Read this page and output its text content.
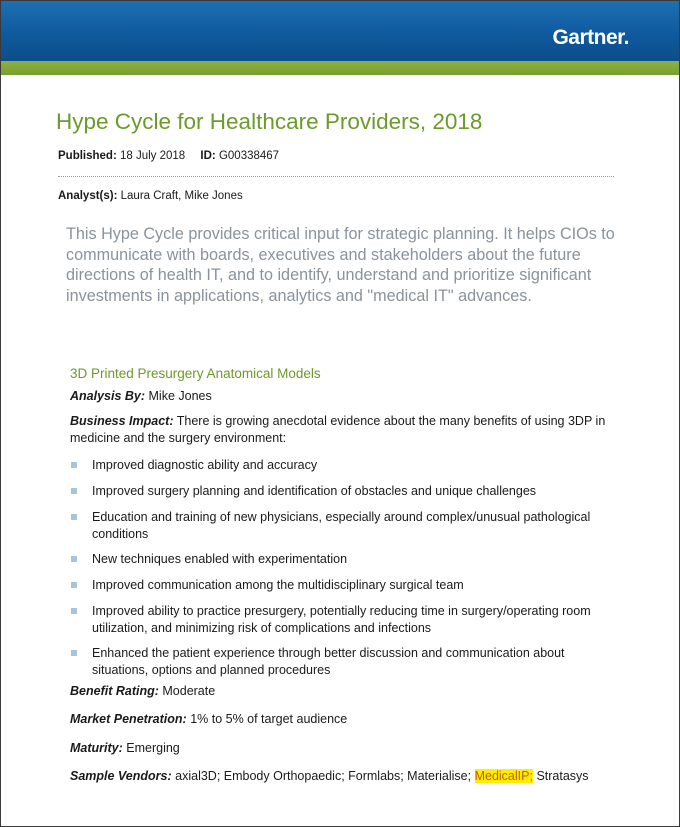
Gartner.
Hype Cycle for Healthcare Providers, 2018
Published: 18 July 2018 ID: G00338467
Analyst(s): Laura Craft, Mike Jones
This Hype Cycle provides critical input for strategic planning. It helps CIOs to communicate with boards, executives and stakeholders about the future directions of health IT, and to identify, understand and prioritize significant investments in applications, analytics and "medical IT" advances.
3D Printed Presurgery Anatomical Models
Analysis By: Mike Jones
Business Impact: There is growing anecdotal evidence about the many benefits of using 3DP in medicine and the surgery environment:
Improved diagnostic ability and accuracy
Improved surgery planning and identification of obstacles and unique challenges
Education and training of new physicians, especially around complex/unusual pathological conditions
New techniques enabled with experimentation
Improved communication among the multidisciplinary surgical team
Improved ability to practice presurgery, potentially reducing time in surgery/operating room utilization, and minimizing risk of complications and infections
Enhanced the patient experience through better discussion and communication about situations, options and planned procedures
Benefit Rating: Moderate
Market Penetration: 1% to 5% of target audience
Maturity: Emerging
Sample Vendors: axial3D; Embody Orthopaedic; Formlabs; Materialise; MedicalIP; Stratasys
